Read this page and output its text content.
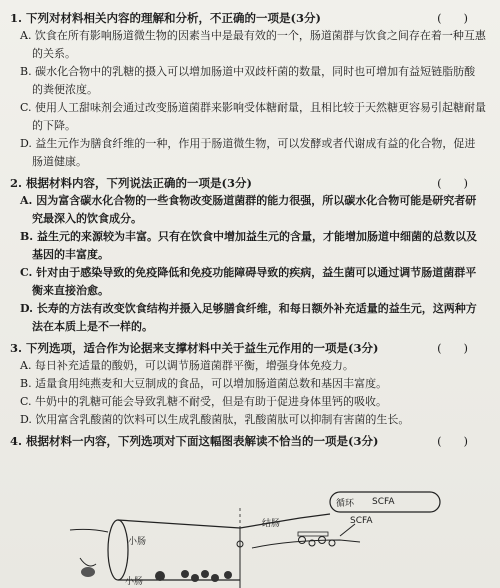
1. 下列对材料相关内容的理解和分析，不正确的一项是(3分)	(      )
A. 饮食在所有影响肠道微生物的因素当中是最有效的一个，肠道菌群与饮食之间存在着一种互惠的关系。
B. 碳水化合物中的乳糖的摄入可以增加肠道中双歧杆菌的数量，同时也可增加有益短链脂肪酸的粪便浓度。
C. 使用人工甜味剂会通过改变肠道菌群来影响受体糖耐量，且相比较于天然糖更容易引起糖耐量的下降。
D. 益生元作为膳食纤维的一种，作用于肠道微生物，可以发酵或者代谢成有益的化合物，促进肠道健康。
2. 根据材料内容，下列说法正确的一项是(3分)	(      )
A. 因为富含碳水化合物的一些食物改变肠道菌群的能力很强，所以碳水化合物可能是研究者研究最深入的饮食成分。
B. 益生元的来源较为丰富。只有在饮食中增加益生元的含量，才能增加肠道中细菌的总数以及基因的丰富度。
C. 针对由于感染导致的免疫降低和免疫功能障碍导致的疾病，益生菌可以通过调节肠道菌群平衡来直接治愈。
D. 长寿的方法有改变饮食结构并摄入足够膳食纤维，和每日额外补充适量的益生元，这两种方法在本质上是不一样的。
3. 下列选项，适合作为论据来支撑材料中关于益生元作用的一项是(3分)	(      )
A. 每日补充适量的酸奶，可以调节肠道菌群平衡，增强身体免疫力。
B. 适量食用纯燕麦和大豆制成的食品，可以增加肠道菌总数和基因丰富度。
C. 牛奶中的乳糖可能会导致乳糖不耐受，但是有助于促进身体里钙的吸收。
D. 饮用富含乳酸菌的饮料可以生成乳酸菌肽，乳酸菌肽可以抑制有害菌的生长。
4. 根据材料一内容，下列选项对下面这幅图表解读不恰当的一项是(3分)	(      )
小肠
小肠
结肠
循环 SCFA
SCFA
